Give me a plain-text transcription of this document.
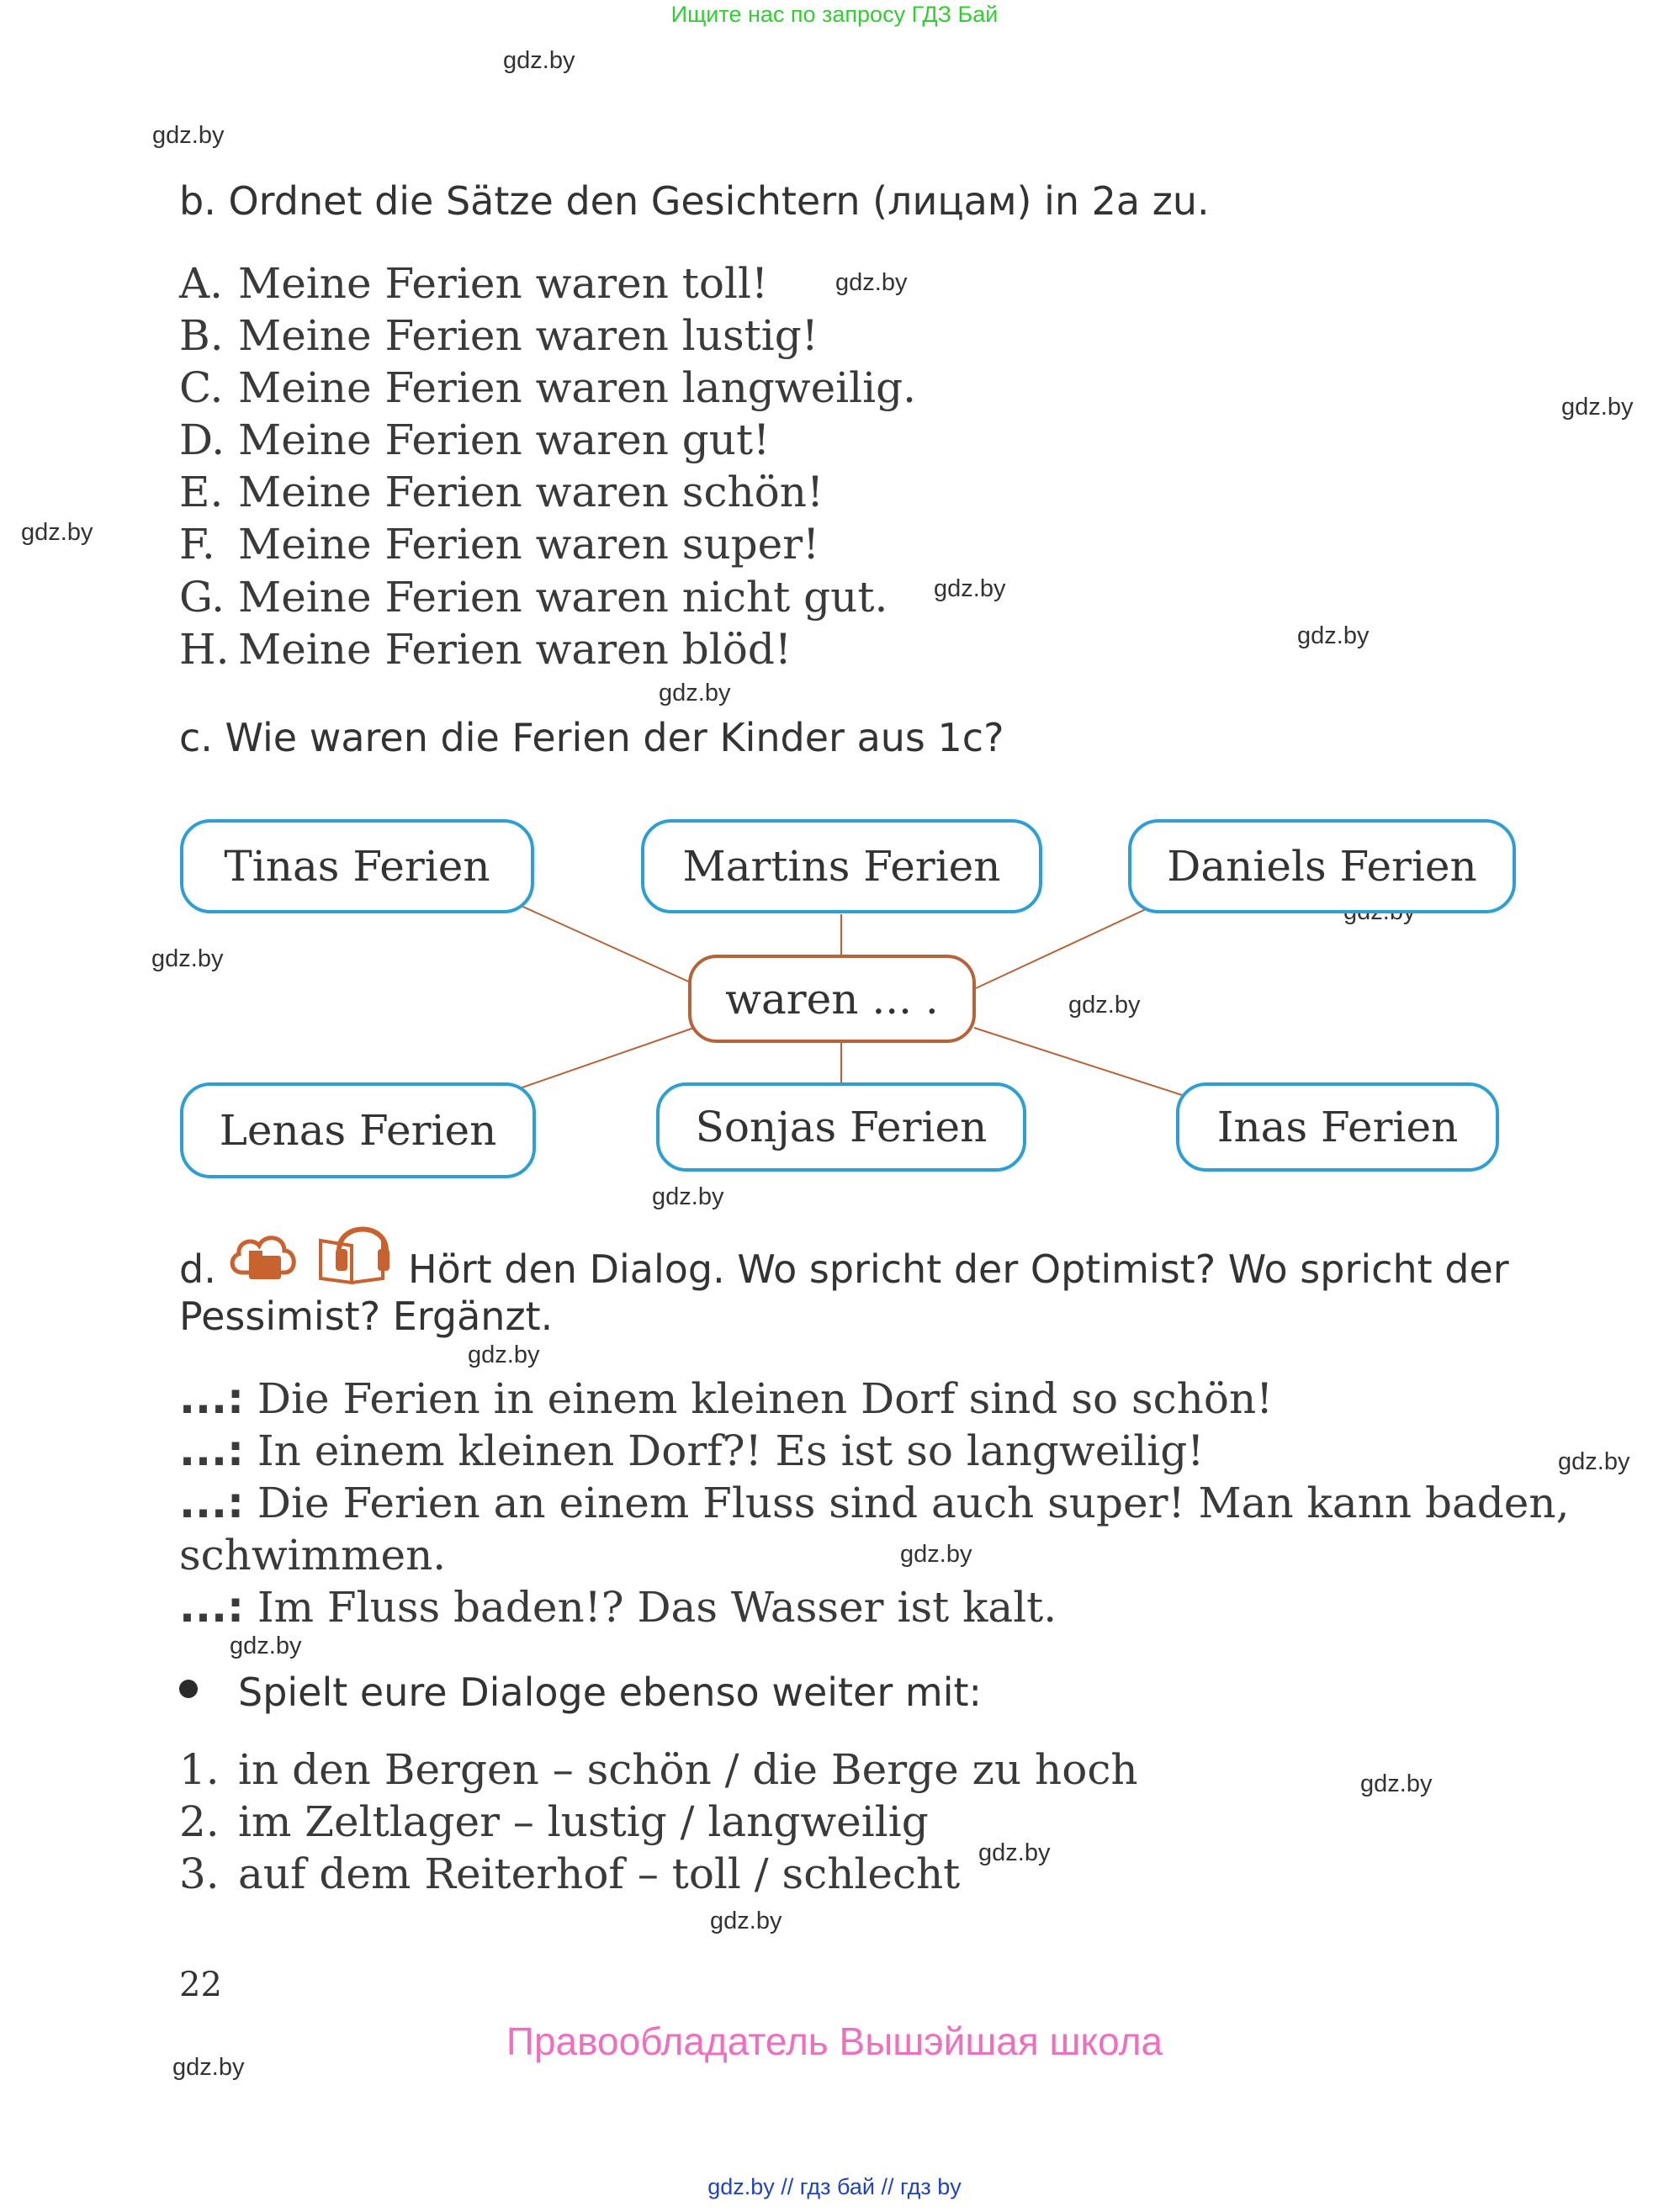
Ищите нас по запросу ГДЗ Бай
gdz.by
gdz.by
gdz.by
gdz.by
gdz.by
gdz.by
gdz.by
gdz.by
gdz.by
gdz.by
gdz.by
gdz.by
gdz.by
gdz.by
gdz.by
gdz.by
gdz.by
gdz.by
gdz.by
b. Ordnet die Sätze den Gesichtern (лицам) in 2a zu.
A. Meine Ferien waren toll!
B. Meine Ferien waren lustig!
C. Meine Ferien waren langweilig.
D. Meine Ferien waren gut!
E. Meine Ferien waren schön!
F. Meine Ferien waren super!
G. Meine Ferien waren nicht gut.
H. Meine Ferien waren blöd!
c. Wie waren die Ferien der Kinder aus 1c?
Tinas Ferien	Martins Ferien	Daniels Ferien
waren ... .
Lenas Ferien	Sonjas Ferien	Inas Ferien
d.	Hört den Dialog. Wo spricht der Optimist? Wo spricht der
Pessimist? Ergänzt.
...: Die Ferien in einem kleinen Dorf sind so schön!
...: In einem kleinen Dorf?! Es ist so langweilig!
...: Die Ferien an einem Fluss sind auch super! Man kann baden,
schwimmen.
...: Im Fluss baden!? Das Wasser ist kalt.
Spielt eure Dialoge ebenso weiter mit:
1. in den Bergen – schön / die Berge zu hoch
2. im Zeltlager – lustig / langweilig
3. auf dem Reiterhof – toll / schlecht
22
Правообладатель Вышэйшая школа
gdz.by // гдз бай // гдз by
